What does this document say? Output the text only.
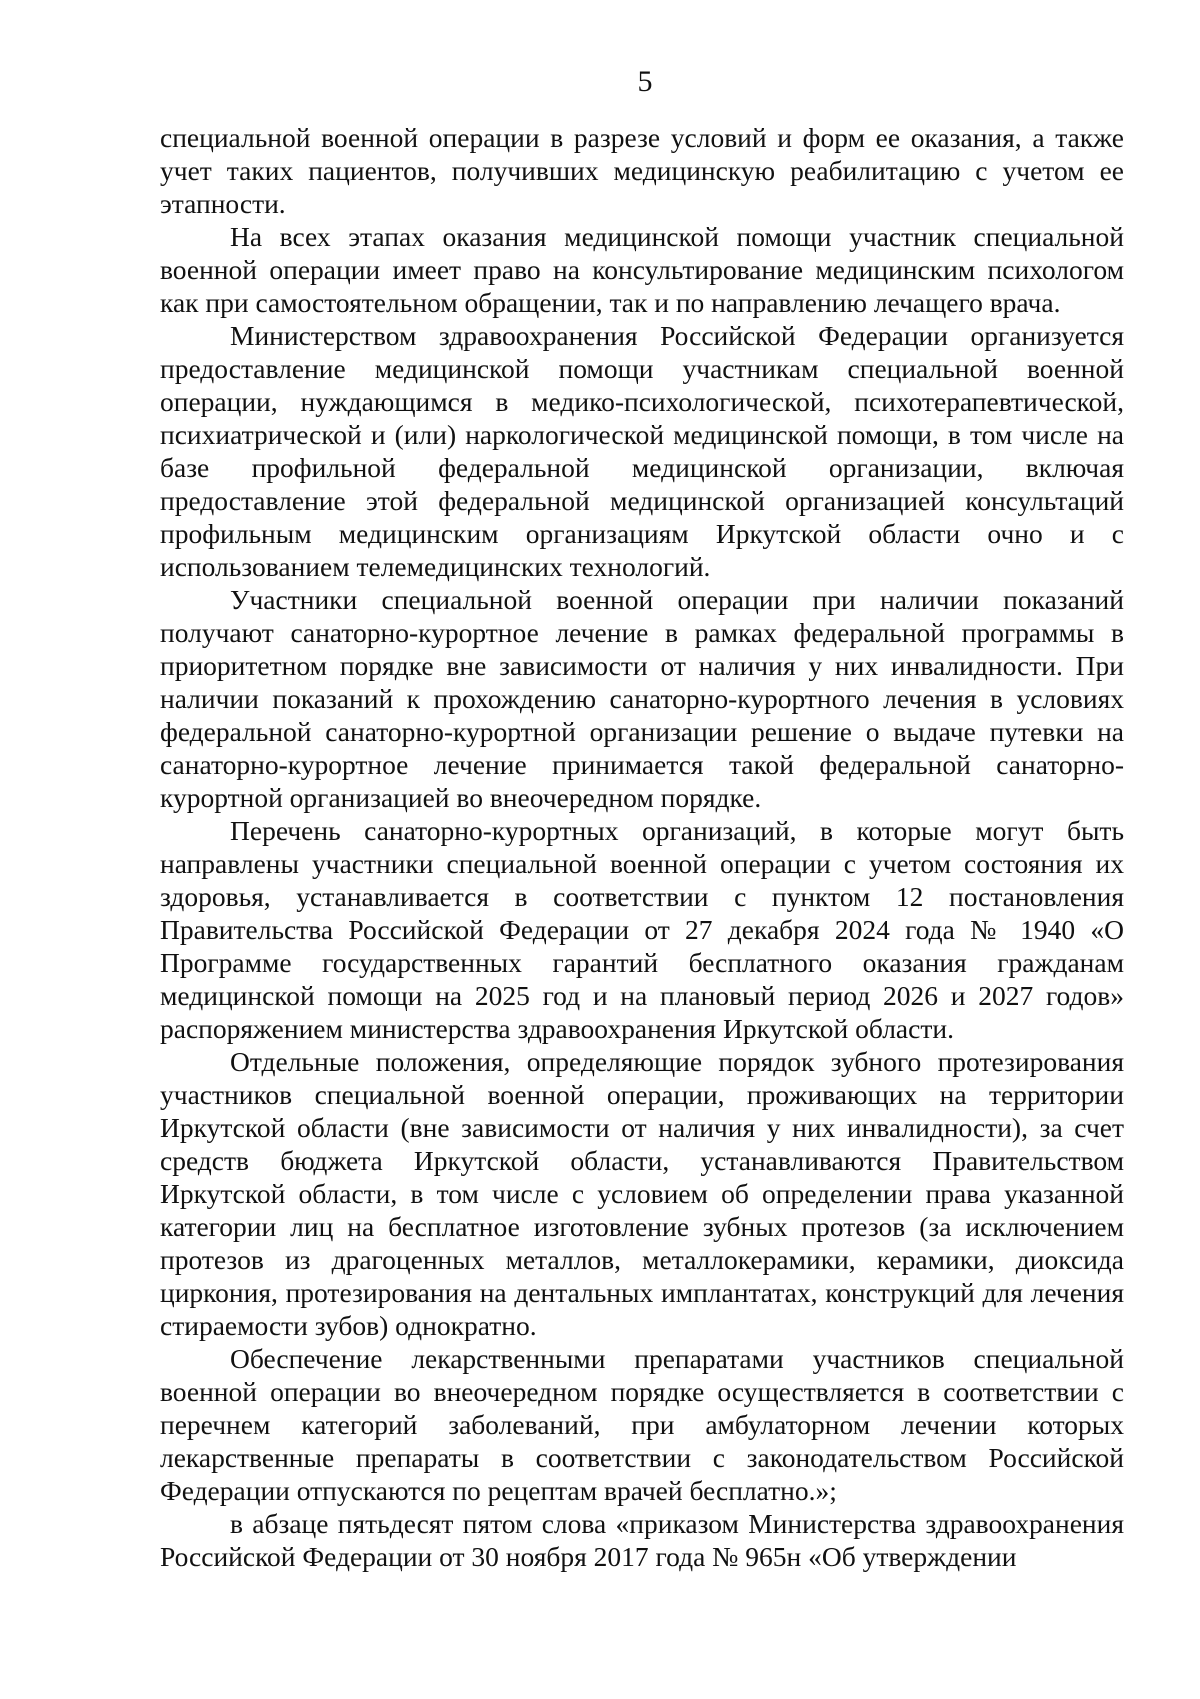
5

специальной военной операции в разрезе условий и форм ее оказания, а также учет таких пациентов, получивших медицинскую реабилитацию с учетом ее этапности.

На всех этапах оказания медицинской помощи участник специальной военной операции имеет право на консультирование медицинским психологом как при самостоятельном обращении, так и по направлению лечащего врача.

Министерством здравоохранения Российской Федерации организуется предоставление медицинской помощи участникам специальной военной операции, нуждающимся в медико-психологической, психотерапевтической, психиатрической и (или) наркологической медицинской помощи, в том числе на базе профильной федеральной медицинской организации, включая предоставление этой федеральной медицинской организацией консультаций профильным медицинским организациям Иркутской области очно и с использованием телемедицинских технологий.

Участники специальной военной операции при наличии показаний получают санаторно-курортное лечение в рамках федеральной программы в приоритетном порядке вне зависимости от наличия у них инвалидности. При наличии показаний к прохождению санаторно-курортного лечения в условиях федеральной санаторно-курортной организации решение о выдаче путевки на санаторно-курортное лечение принимается такой федеральной санаторно-курортной организацией во внеочередном порядке.

Перечень санаторно-курортных организаций, в которые могут быть направлены участники специальной военной операции с учетом состояния их здоровья, устанавливается в соответствии с пунктом 12 постановления Правительства Российской Федерации от 27 декабря 2024 года № 1940 «О Программе государственных гарантий бесплатного оказания гражданам медицинской помощи на 2025 год и на плановый период 2026 и 2027 годов» распоряжением министерства здравоохранения Иркутской области.

Отдельные положения, определяющие порядок зубного протезирования участников специальной военной операции, проживающих на территории Иркутской области (вне зависимости от наличия у них инвалидности), за счет средств бюджета Иркутской области, устанавливаются Правительством Иркутской области, в том числе с условием об определении права указанной категории лиц на бесплатное изготовление зубных протезов (за исключением протезов из драгоценных металлов, металлокерамики, керамики, диоксида циркония, протезирования на дентальных имплантатах, конструкций для лечения стираемости зубов) однократно.

Обеспечение лекарственными препаратами участников специальной военной операции во внеочередном порядке осуществляется в соответствии с перечнем категорий заболеваний, при амбулаторном лечении которых лекарственные препараты в соответствии с законодательством Российской Федерации отпускаются по рецептам врачей бесплатно.»;

в абзаце пятьдесят пятом слова «приказом Министерства здравоохранения Российской Федерации от 30 ноября 2017 года № 965н «Об утверждении
